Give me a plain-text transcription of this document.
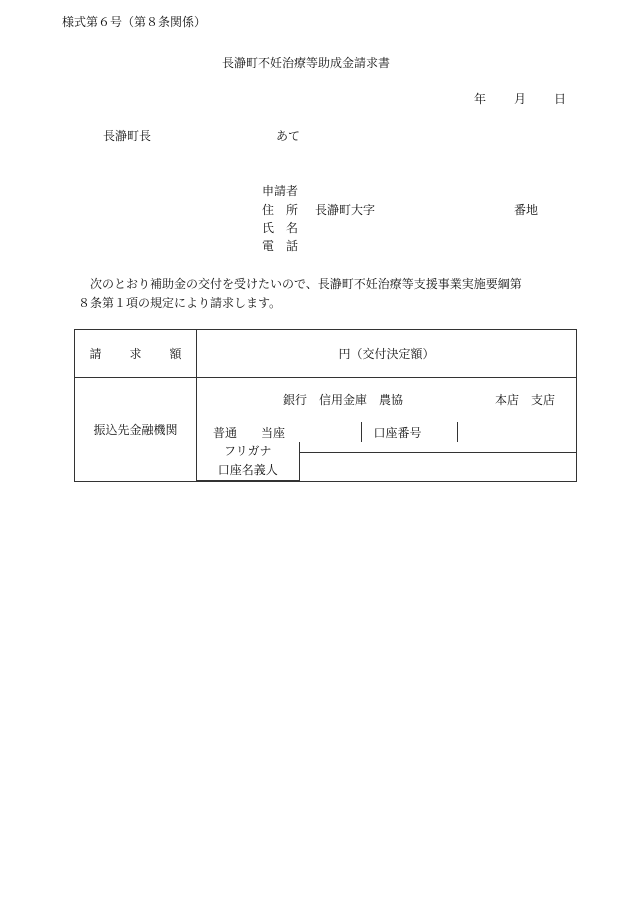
様式第６号（第８条関係）
長瀞町不妊治療等助成金請求書
年 月 日
長瀞町長	あて
申請者
住 所 長瀞町大字	番地
氏 名
電 話
次のとおり補助金の交付を受けたいので、長瀞町不妊治療等支援事業実施要綱第
８条第１項の規定により請求します。
請 求 額	円（交付決定額）
振込先金融機関	
銀行 信用金庫 農協	本店 支店
普通 当座	口座番号	
フリガナ
口座名義人
